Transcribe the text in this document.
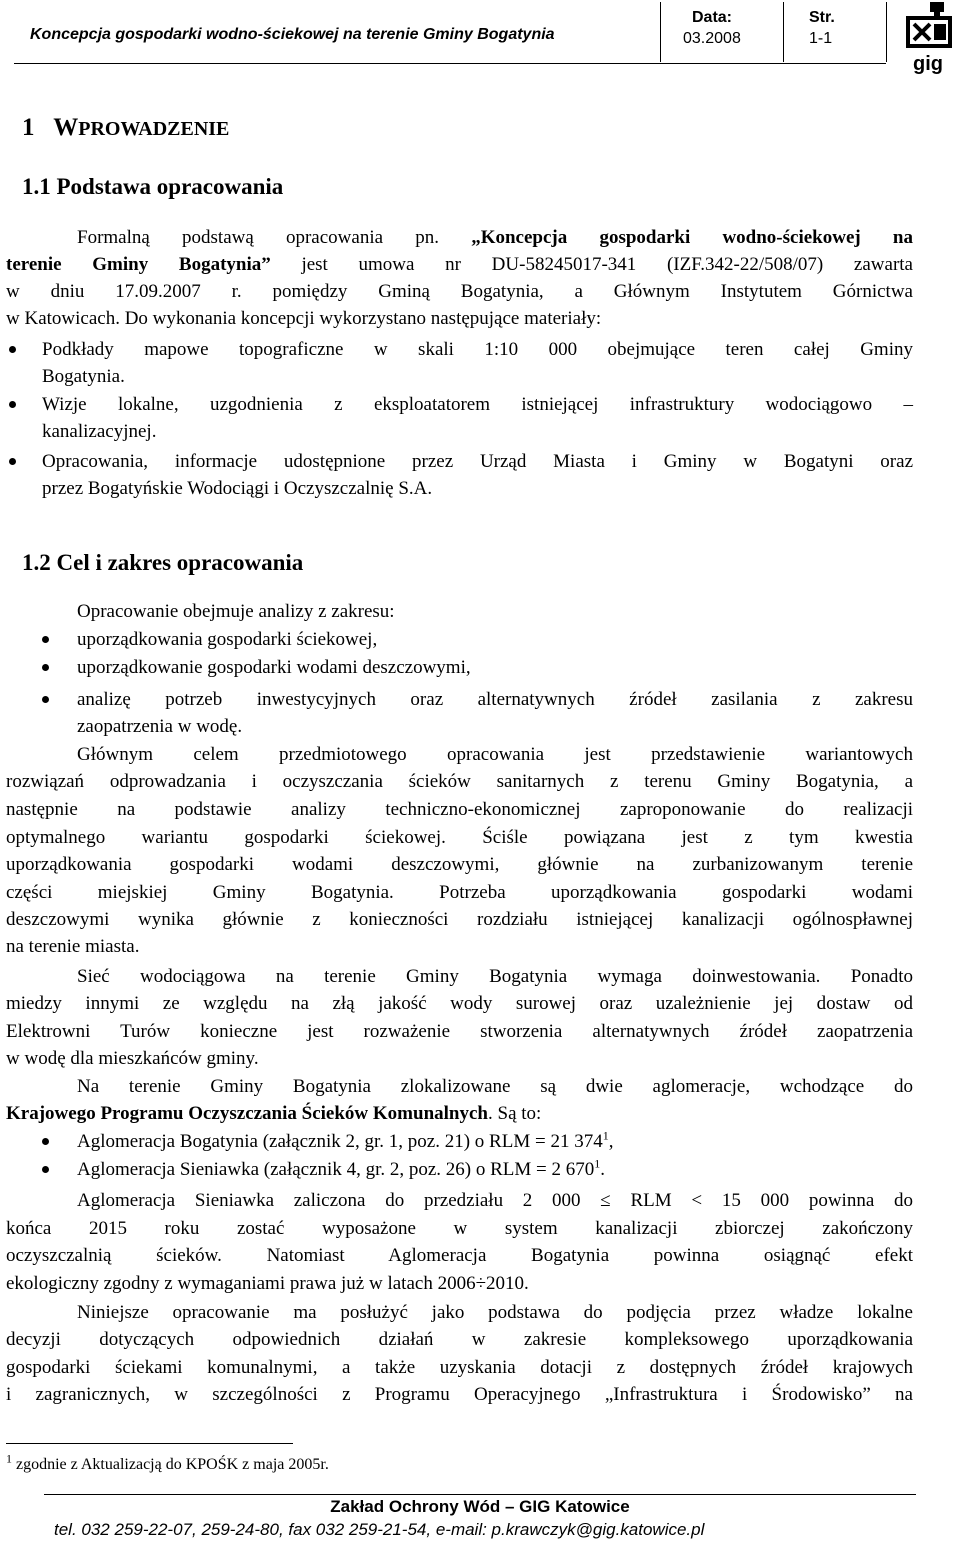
Koncepcja gospodarki wodno-ściekowej na terenie Gminy Bogatynia
Data:
03.2008
Str.
1-1
gig
1 WPROWADZENIE
1.1 Podstawa opracowania
Formalną podstawą opracowania pn. „Koncepcja gospodarki wodno-ściekowej na
terenie Gminy Bogatynia” jest umowa nr DU-58245017-341 (IZF.342-22/508/07) zawarta
w dniu 17.09.2007 r. pomiędzy Gminą Bogatynia, a Głównym Instytutem Górnictwa
w Katowicach. Do wykonania koncepcji wykorzystano następujące materiały:
Podkłady mapowe topograficzne w skali 1:10 000 obejmujące teren całej Gminy
Bogatynia.
Wizje lokalne, uzgodnienia z eksploatatorem istniejącej infrastruktury wodociągowo –
kanalizacyjnej.
Opracowania, informacje udostępnione przez Urząd Miasta i Gminy w Bogatyni oraz
przez Bogatyńskie Wodociągi i Oczyszczalnię S.A.
1.2 Cel i zakres opracowania
Opracowanie obejmuje analizy z zakresu:
uporządkowania gospodarki ściekowej,
uporządkowanie gospodarki wodami deszczowymi,
analizę potrzeb inwestycyjnych oraz alternatywnych źródeł zasilania z zakresu
zaopatrzenia w wodę.
Głównym celem przedmiotowego opracowania jest przedstawienie wariantowych
rozwiązań odprowadzania i oczyszczania ścieków sanitarnych z terenu Gminy Bogatynia, a
następnie na podstawie analizy techniczno-ekonomicznej zaproponowanie do realizacji
optymalnego wariantu gospodarki ściekowej. Ściśle powiązana jest z tym kwestia
uporządkowania gospodarki wodami deszczowymi, głównie na zurbanizowanym terenie
części miejskiej Gminy Bogatynia. Potrzeba uporządkowania gospodarki wodami
deszczowymi wynika głównie z konieczności rozdziału istniejącej kanalizacji ogólnospławnej
na terenie miasta.
Sieć wodociągowa na terenie Gminy Bogatynia wymaga doinwestowania. Ponadto
miedzy innymi ze względu na złą jakość wody surowej oraz uzależnienie jej dostaw od
Elektrowni Turów konieczne jest rozważenie stworzenia alternatywnych źródeł zaopatrzenia
w wodę dla mieszkańców gminy.
Na terenie Gminy Bogatynia zlokalizowane są dwie aglomeracje, wchodzące do
Krajowego Programu Oczyszczania Ścieków Komunalnych. Są to:
Aglomeracja Bogatynia (załącznik 2, gr. 1, poz. 21) o RLM = 21 $374^1$,
Aglomeracja Sieniawka (załącznik 4, gr. 2, poz. 26) o RLM = 2 $670^1$.
Aglomeracja Sieniawka zaliczona do przedziału 2 000 ≤ RLM < 15 000 powinna do
końca 2015 roku zostać wyposażone w system kanalizacji zbiorczej zakończony
oczyszczalnią ścieków. Natomiast Aglomeracja Bogatynia powinna osiągnąć efekt
ekologiczny zgodny z wymaganiami prawa już w latach 2006÷2010.
Niniejsze opracowanie ma posłużyć jako podstawa do podjęcia przez władze lokalne
decyzji dotyczących odpowiednich działań w zakresie kompleksowego uporządkowania
gospodarki ściekami komunalnymi, a także uzyskania dotacji z dostępnych źródeł krajowych
i zagranicznych, w szczególności z Programu Operacyjnego „Infrastruktura i Środowisko” na
$^1$ zgodnie z Aktualizacją do KPOŚK z maja 2005r.
Zakład Ochrony Wód – GIG Katowice
tel. 032 259-22-07, 259-24-80, fax 032 259-21-54, e-mail: p.krawczyk@gig.katowice.pl
